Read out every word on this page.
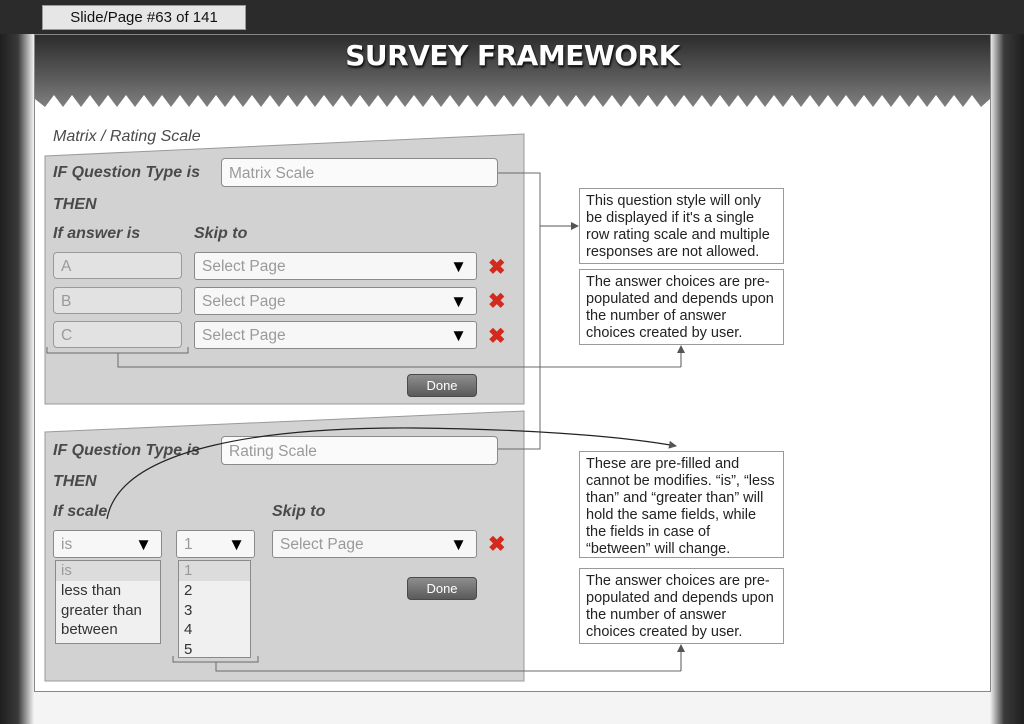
Slide/Page #63 of 141
SURVEY FRAMEWORK
Matrix / Rating Scale
IF Question Type is	Matrix Scale
THEN
If answer is	Skip to
A	Select Page	▼ ✖
B	Select Page	▼ ✖
C	Select Page	▼ ✖
Done
IF Question Type is	Rating Scale
THEN
If scale	Skip to
is	▼	1 ▼	Select Page	▼ ✖
is
less than
greater than
between
1
2
3
4
5
Done
This question style will only be displayed if it's a single row rating scale and multiple responses are not allowed.
The answer choices are pre-populated and depends upon the number of answer choices created by user.
These are pre-filled and cannot be modifies. “is”, “less than” and “greater than” will hold the same fields, while the fields in case of “between” will change.
The answer choices are pre-populated and depends upon the number of answer choices created by user.
